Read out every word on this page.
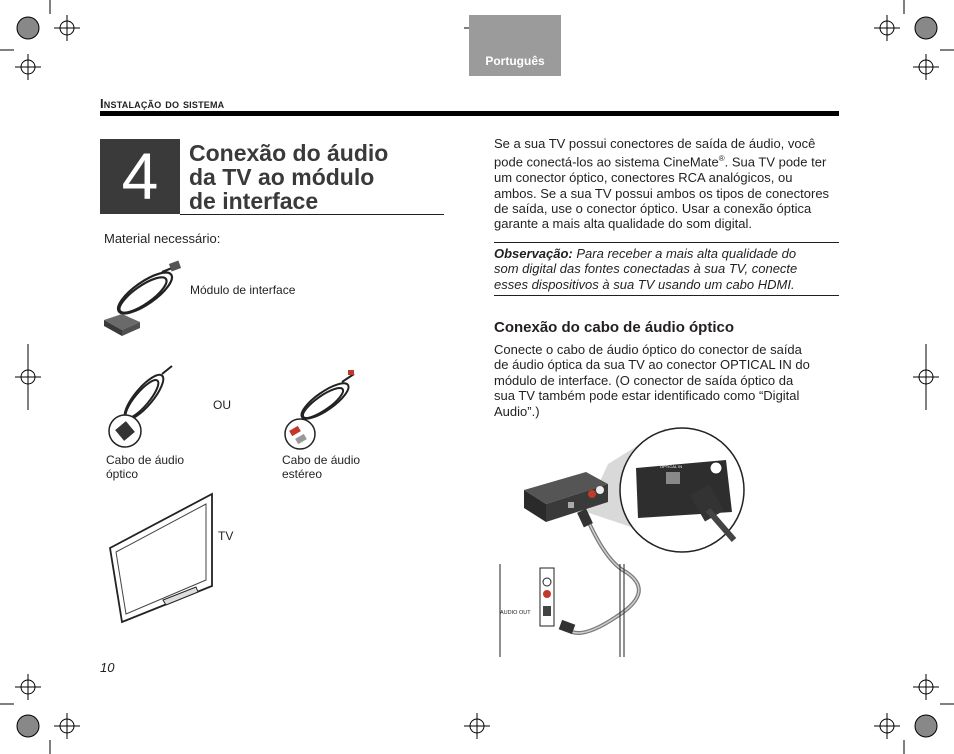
Português
Instalação do sistema
4	Conexão do áudio
da TV ao módulo
de interface
Material necessário:
Módulo de interface
OU
Cabo de áudio
óptico
Cabo de áudio
estéreo
TV
Se a sua TV possui conectores de saída de áudio, você
pode conectá-los ao sistema CineMate®. Sua TV pode ter
um conector óptico, conectores RCA analógicos, ou
ambos. Se a sua TV possui ambos os tipos de conectores
de saída, use o conector óptico. Usar a conexão óptica
garante a mais alta qualidade do som digital.
Observação: Para receber a mais alta qualidade do
som digital das fontes conectadas à sua TV, conecte
esses dispositivos à sua TV usando um cabo HDMI.
Conexão do cabo de áudio óptico
Conecte o cabo de áudio óptico do conector de saída
de áudio óptica da sua TV ao conector OPTICAL IN do
módulo de interface. (O conector de saída óptico da
sua TV também pode estar identificado como “Digital
Audio”.)
OPTICAL IN
AUDIO OUT
10
